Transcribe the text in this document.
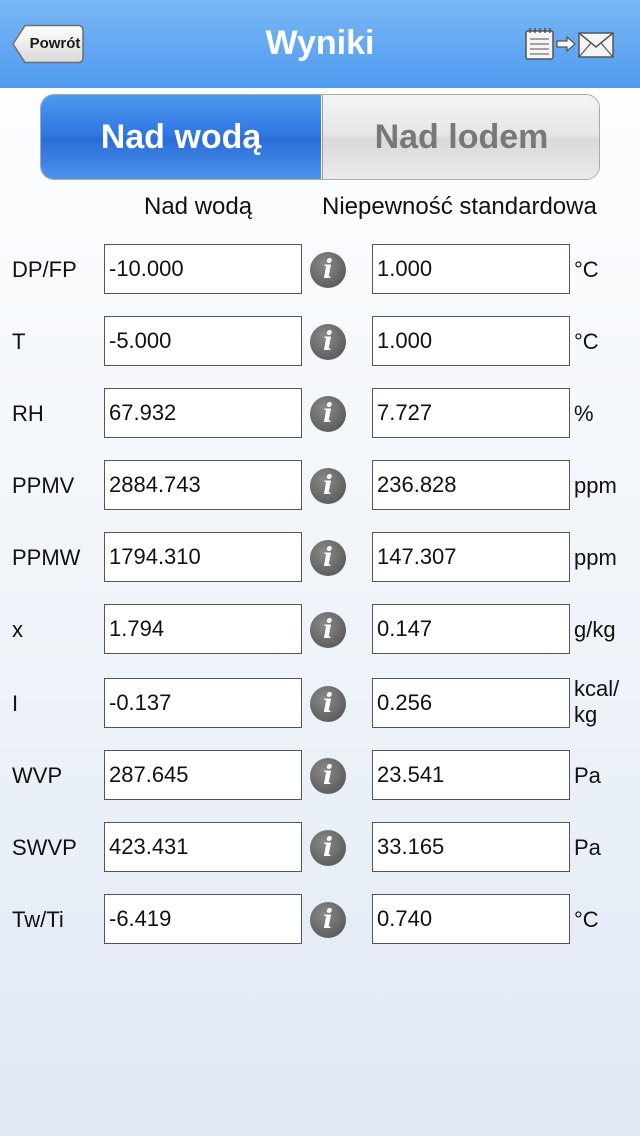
Powrót	Wyniki
Nad wodą	Nad lodem
Nad wodą	Niepewność standardowa
DP/FP -10.000	i	1.000	°C
T	-5.000	i	1.000	°C
RH	67.932	i	7.727	%
PPMV 2884.743	i	236.828	ppm
PPMW 1794.310	i	147.307	ppm
x	1.794	i	0.147	g/kg
I	-0.137	i	0.256
kcal/
kg
WVP 287.645	i	23.541	Pa
SWVP 423.431	i	33.165	Pa
Tw/Ti -6.419	i	0.740	°C
